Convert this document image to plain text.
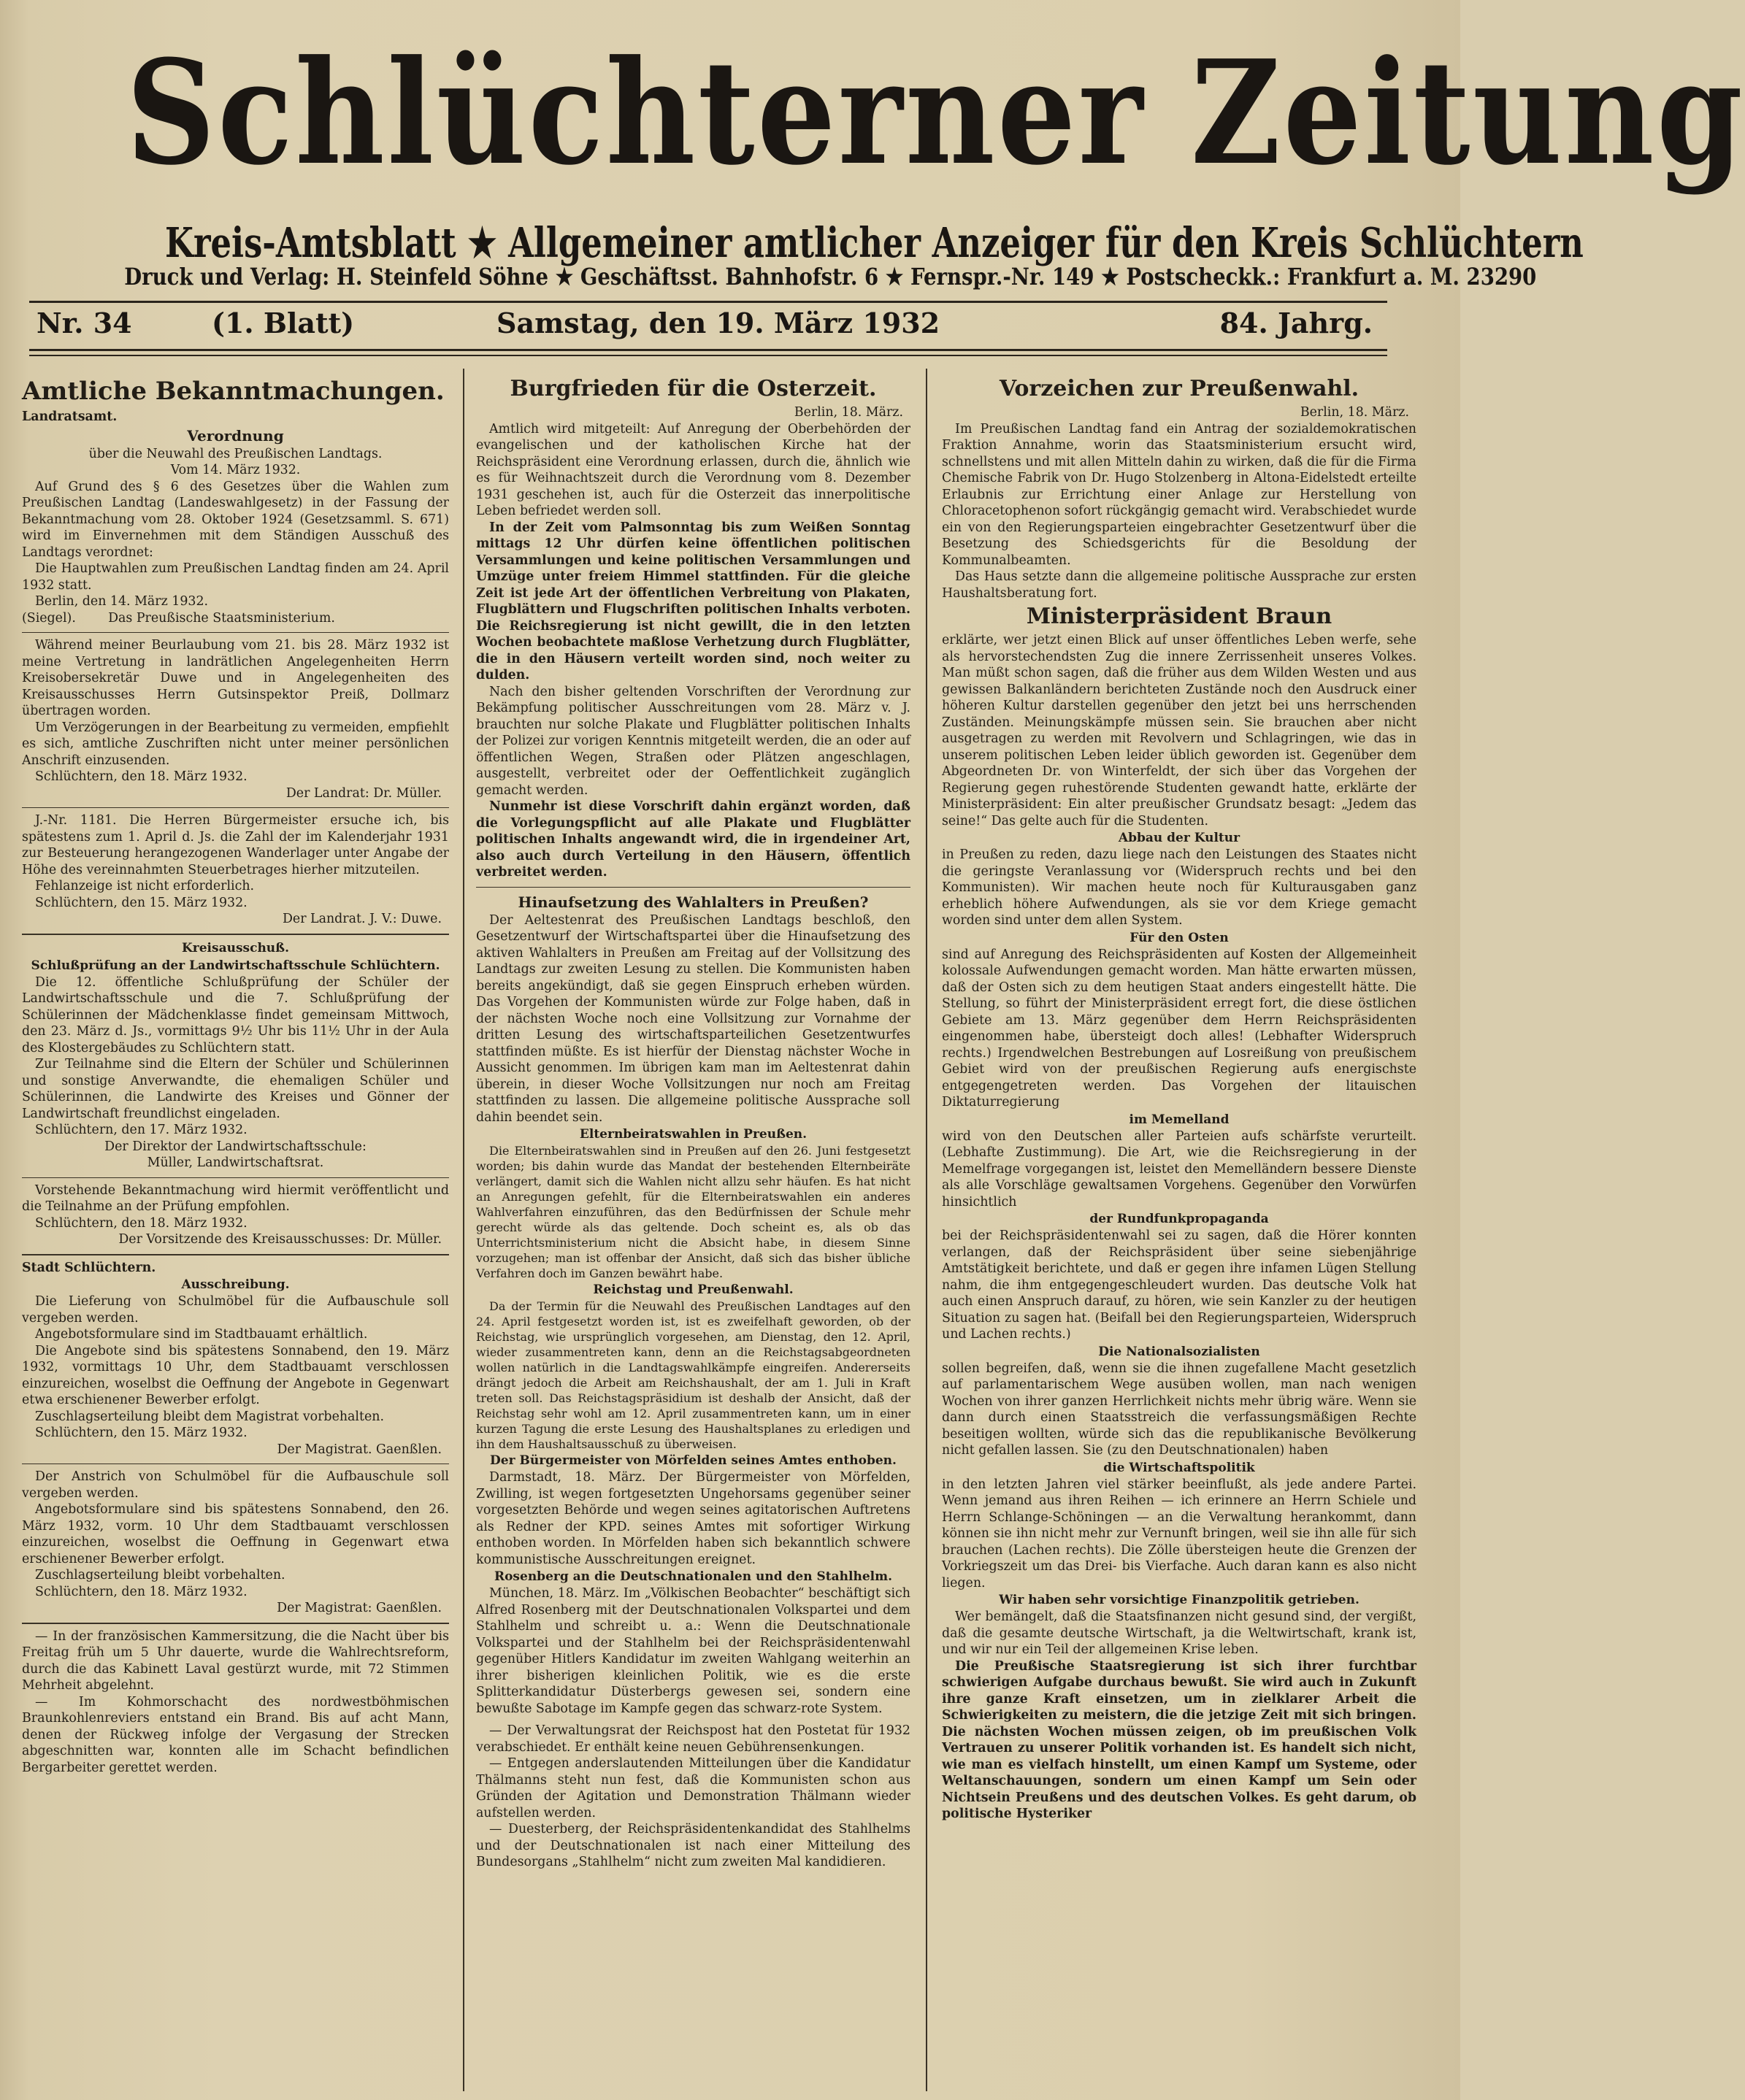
Schlüchterner Zeitung
Kreis-Amtsblatt ★ Allgemeiner amtlicher Anzeiger für den Kreis Schlüchtern
Druck und Verlag: H. Steinfeld Söhne ★ Geschäftsst. Bahnhofstr. 6 ★ Fernspr.-Nr. 149 ★ Postscheckk.: Frankfurt a. M. 23290
Nr. 34	(1. Blatt)	Samstag, den 19. März 1932	84. Jahrg.

Amtliche Bekanntmachungen.

Landratsamt.

Verordnung

über die Neuwahl des Preußischen Landtags.

Vom 14. März 1932.

Auf Grund des § 6 des Gesetzes über die Wahlen zum Preußischen Landtag (Landeswahlgesetz) in der Fassung der Bekanntmachung vom 28. Oktober 1924 (Gesetzsamml. S. 671) wird im Einvernehmen mit dem Ständigen Ausschuß des Landtags verordnet:

Die Hauptwahlen zum Preußischen Landtag finden am 24. April 1932 statt.

Berlin, den 14. März 1932.

(Siegel).        Das Preußische Staatsministerium.

Während meiner Beurlaubung vom 21. bis 28. März 1932 ist meine Vertretung in landrätlichen Angelegenheiten Herrn Kreisobersekretär Duwe und in Angelegenheiten des Kreisausschusses Herrn Gutsinspektor Preiß, Dollmarz übertragen worden.

Um Verzögerungen in der Bearbeitung zu vermeiden, empfiehlt es sich, amtliche Zuschriften nicht unter meiner persönlichen Anschrift einzusenden.

Schlüchtern, den 18. März 1932.

Der Landrat: Dr. Müller.

J.-Nr. 1181. Die Herren Bürgermeister ersuche ich, bis spätestens zum 1. April d. Js. die Zahl der im Kalenderjahr 1931 zur Besteuerung herangezogenen Wanderlager unter Angabe der Höhe des vereinnahmten Steuerbetrages hierher mitzuteilen.

Fehlanzeige ist nicht erforderlich.

Schlüchtern, den 15. März 1932.

Der Landrat. J. V.: Duwe.

Kreisausschuß.

Schlußprüfung an der Landwirtschaftsschule Schlüchtern.

Die 12. öffentliche Schlußprüfung der Schüler der Landwirtschaftsschule und die 7. Schlußprüfung der Schülerinnen der Mädchenklasse findet gemeinsam Mittwoch, den 23. März d. Js., vormittags 9½ Uhr bis 11½ Uhr in der Aula des Klostergebäudes zu Schlüchtern statt.

Zur Teilnahme sind die Eltern der Schüler und Schülerinnen und sonstige Anverwandte, die ehemaligen Schüler und Schülerinnen, die Landwirte des Kreises und Gönner der Landwirtschaft freundlichst eingeladen.

Schlüchtern, den 17. März 1932.

Der Direktor der Landwirtschaftsschule:

Müller, Landwirtschaftsrat.

Vorstehende Bekanntmachung wird hiermit veröffentlicht und die Teilnahme an der Prüfung empfohlen.

Schlüchtern, den 18. März 1932.

Der Vorsitzende des Kreisausschusses: Dr. Müller.

Stadt Schlüchtern.

Ausschreibung.

Die Lieferung von Schulmöbel für die Aufbauschule soll vergeben werden.

Angebotsformulare sind im Stadtbauamt erhältlich.

Die Angebote sind bis spätestens Sonnabend, den 19. März 1932, vormittags 10 Uhr, dem Stadtbauamt verschlossen einzureichen, woselbst die Oeffnung der Angebote in Gegenwart etwa erschienener Bewerber erfolgt.

Zuschlagserteilung bleibt dem Magistrat vorbehalten.

Schlüchtern, den 15. März 1932.

Der Magistrat. Gaenßlen.

Der Anstrich von Schulmöbel für die Aufbauschule soll vergeben werden.

Angebotsformulare sind bis spätestens Sonnabend, den 26. März 1932, vorm. 10 Uhr dem Stadtbauamt verschlossen einzureichen, woselbst die Oeffnung in Gegenwart etwa erschienener Bewerber erfolgt.

Zuschlagserteilung bleibt vorbehalten.

Schlüchtern, den 18. März 1932.

Der Magistrat: Gaenßlen.

— In der französischen Kammersitzung, die die Nacht über bis Freitag früh um 5 Uhr dauerte, wurde die Wahlrechtsreform, durch die das Kabinett Laval gestürzt wurde, mit 72 Stimmen Mehrheit abgelehnt.

— Im Kohmorschacht des nordwestböhmischen Braunkohlenreviers entstand ein Brand. Bis auf acht Mann, denen der Rückweg infolge der Vergasung der Strecken abgeschnitten war, konnten alle im Schacht befindlichen Bergarbeiter gerettet werden.

Burgfrieden für die Osterzeit.

Berlin, 18. März.

Amtlich wird mitgeteilt: Auf Anregung der Oberbehörden der evangelischen und der katholischen Kirche hat der Reichspräsident eine Verordnung erlassen, durch die, ähnlich wie es für Weihnachtszeit durch die Verordnung vom 8. Dezember 1931 geschehen ist, auch für die Osterzeit das innerpolitische Leben befriedet werden soll.

In der Zeit vom Palmsonntag bis zum Weißen Sonntag mittags 12 Uhr dürfen keine öffentlichen politischen Versammlungen und keine politischen Versammlungen und Umzüge unter freiem Himmel stattfinden. Für die gleiche Zeit ist jede Art der öffentlichen Verbreitung von Plakaten, Flugblättern und Flugschriften politischen Inhalts verboten. Die Reichsregierung ist nicht gewillt, die in den letzten Wochen beobachtete maßlose Verhetzung durch Flugblätter, die in den Häusern verteilt worden sind, noch weiter zu dulden.

Nach den bisher geltenden Vorschriften der Verordnung zur Bekämpfung politischer Ausschreitungen vom 28. März v. J. brauchten nur solche Plakate und Flugblätter politischen Inhalts der Polizei zur vorigen Kenntnis mitgeteilt werden, die an oder auf öffentlichen Wegen, Straßen oder Plätzen angeschlagen, ausgestellt, verbreitet oder der Oeffentlichkeit zugänglich gemacht werden.

Nunmehr ist diese Vorschrift dahin ergänzt worden, daß die Vorlegungspflicht auf alle Plakate und Flugblätter politischen Inhalts angewandt wird, die in irgendeiner Art, also auch durch Verteilung in den Häusern, öffentlich verbreitet werden.

Hinaufsetzung des Wahlalters in Preußen?

Der Aeltestenrat des Preußischen Landtags beschloß, den Gesetzentwurf der Wirtschaftspartei über die Hinaufsetzung des aktiven Wahlalters in Preußen am Freitag auf der Vollsitzung des Landtags zur zweiten Lesung zu stellen. Die Kommunisten haben bereits angekündigt, daß sie gegen Einspruch erheben würden. Das Vorgehen der Kommunisten würde zur Folge haben, daß in der nächsten Woche noch eine Vollsitzung zur Vornahme der dritten Lesung des wirtschaftsparteilichen Gesetzentwurfes stattfinden müßte. Es ist hierfür der Dienstag nächster Woche in Aussicht genommen. Im übrigen kam man im Aeltestenrat dahin überein, in dieser Woche Vollsitzungen nur noch am Freitag stattfinden zu lassen. Die allgemeine politische Aussprache soll dahin beendet sein.

Elternbeiratswahlen in Preußen.

Die Elternbeiratswahlen sind in Preußen auf den 26. Juni festgesetzt worden; bis dahin wurde das Mandat der bestehenden Elternbeiräte verlängert, damit sich die Wahlen nicht allzu sehr häufen. Es hat nicht an Anregungen gefehlt, für die Elternbeiratswahlen ein anderes Wahlverfahren einzuführen, das den Bedürfnissen der Schule mehr gerecht würde als das geltende. Doch scheint es, als ob das Unterrichtsministerium nicht die Absicht habe, in diesem Sinne vorzugehen; man ist offenbar der Ansicht, daß sich das bisher übliche Verfahren doch im Ganzen bewährt habe.

Reichstag und Preußenwahl.

Da der Termin für die Neuwahl des Preußischen Landtages auf den 24. April festgesetzt worden ist, ist es zweifelhaft geworden, ob der Reichstag, wie ursprünglich vorgesehen, am Dienstag, den 12. April, wieder zusammentreten kann, denn an die Reichstagsabgeordneten wollen natürlich in die Landtagswahlkämpfe eingreifen. Andererseits drängt jedoch die Arbeit am Reichshaushalt, der am 1. Juli in Kraft treten soll. Das Reichstagspräsidium ist deshalb der Ansicht, daß der Reichstag sehr wohl am 12. April zusammentreten kann, um in einer kurzen Tagung die erste Lesung des Haushaltsplanes zu erledigen und ihn dem Haushaltsausschuß zu überweisen.

Der Bürgermeister von Mörfelden seines Amtes enthoben.

Darmstadt, 18. März. Der Bürgermeister von Mörfelden, Zwilling, ist wegen fortgesetzten Ungehorsams gegenüber seiner vorgesetzten Behörde und wegen seines agitatorischen Auftretens als Redner der KPD. seines Amtes mit sofortiger Wirkung enthoben worden. In Mörfelden haben sich bekanntlich schwere kommunistische Ausschreitungen ereignet.

Rosenberg an die Deutschnationalen und den Stahlhelm.

München, 18. März. Im „Völkischen Beobachter“ beschäftigt sich Alfred Rosenberg mit der Deutschnationalen Volkspartei und dem Stahlhelm und schreibt u. a.: Wenn die Deutschnationale Volkspartei und der Stahlhelm bei der Reichspräsidentenwahl gegenüber Hitlers Kandidatur im zweiten Wahlgang weiterhin an ihrer bisherigen kleinlichen Politik, wie es die erste Splitterkandidatur Düsterbergs gewesen sei, sondern eine bewußte Sabotage im Kampfe gegen das schwarz-rote System.

— Der Verwaltungsrat der Reichspost hat den Postetat für 1932 verabschiedet. Er enthält keine neuen Gebührensenkungen.

— Entgegen anderslautenden Mitteilungen über die Kandidatur Thälmanns steht nun fest, daß die Kommunisten schon aus Gründen der Agitation und Demonstration Thälmann wieder aufstellen werden.

— Duesterberg, der Reichspräsidentenkandidat des Stahlhelms und der Deutschnationalen ist nach einer Mitteilung des Bundesorgans „Stahlhelm“ nicht zum zweiten Mal kandidieren.

Vorzeichen zur Preußenwahl.

Berlin, 18. März.

Im Preußischen Landtag fand ein Antrag der sozialdemokratischen Fraktion Annahme, worin das Staatsministerium ersucht wird, schnellstens und mit allen Mitteln dahin zu wirken, daß die für die Firma Chemische Fabrik von Dr. Hugo Stolzenberg in Altona-Eidelstedt erteilte Erlaubnis zur Errichtung einer Anlage zur Herstellung von Chloracetophenon sofort rückgängig gemacht wird. Verabschiedet wurde ein von den Regierungsparteien eingebrachter Gesetzentwurf über die Besetzung des Schiedsgerichts für die Besoldung der Kommunalbeamten.

Das Haus setzte dann die allgemeine politische Aussprache zur ersten Haushaltsberatung fort.

Ministerpräsident Braun

erklärte, wer jetzt einen Blick auf unser öffentliches Leben werfe, sehe als hervorstechendsten Zug die innere Zerrissenheit unseres Volkes. Man müßt schon sagen, daß die früher aus dem Wilden Westen und aus gewissen Balkanländern berichteten Zustände noch den Ausdruck einer höheren Kultur darstellen gegenüber den jetzt bei uns herrschenden Zuständen. Meinungskämpfe müssen sein. Sie brauchen aber nicht ausgetragen zu werden mit Revolvern und Schlagringen, wie das in unserem politischen Leben leider üblich geworden ist. Gegenüber dem Abgeordneten Dr. von Winterfeldt, der sich über das Vorgehen der Regierung gegen ruhestörende Studenten gewandt hatte, erklärte der Ministerpräsident: Ein alter preußischer Grundsatz besagt: „Jedem das seine!“ Das gelte auch für die Studenten.

Abbau der Kultur

in Preußen zu reden, dazu liege nach den Leistungen des Staates nicht die geringste Veranlassung vor (Widerspruch rechts und bei den Kommunisten). Wir machen heute noch für Kulturausgaben ganz erheblich höhere Aufwendungen, als sie vor dem Kriege gemacht worden sind unter dem allen System.

Für den Osten

sind auf Anregung des Reichspräsidenten auf Kosten der Allgemeinheit kolossale Aufwendungen gemacht worden. Man hätte erwarten müssen, daß der Osten sich zu dem heutigen Staat anders eingestellt hätte. Die Stellung, so führt der Ministerpräsident erregt fort, die diese östlichen Gebiete am 13. März gegenüber dem Herrn Reichspräsidenten eingenommen habe, übersteigt doch alles! (Lebhafter Widerspruch rechts.) Irgendwelchen Bestrebungen auf Losreißung von preußischem Gebiet wird von der preußischen Regierung aufs energischste entgegengetreten werden. Das Vorgehen der litauischen Diktaturregierung

im Memelland

wird von den Deutschen aller Parteien aufs schärfste verurteilt. (Lebhafte Zustimmung). Die Art, wie die Reichsregierung in der Memelfrage vorgegangen ist, leistet den Memelländern bessere Dienste als alle Vorschläge gewaltsamen Vorgehens. Gegenüber den Vorwürfen hinsichtlich

der Rundfunkpropaganda

bei der Reichspräsidentenwahl sei zu sagen, daß die Hörer konnten verlangen, daß der Reichspräsident über seine siebenjährige Amtstätigkeit berichtete, und daß er gegen ihre infamen Lügen Stellung nahm, die ihm entgegengeschleudert wurden. Das deutsche Volk hat auch einen Anspruch darauf, zu hören, wie sein Kanzler zu der heutigen Situation zu sagen hat. (Beifall bei den Regierungsparteien, Widerspruch und Lachen rechts.)

Die Nationalsozialisten

sollen begreifen, daß, wenn sie die ihnen zugefallene Macht gesetzlich auf parlamentarischem Wege ausüben wollen, man nach wenigen Wochen von ihrer ganzen Herrlichkeit nichts mehr übrig wäre. Wenn sie dann durch einen Staatsstreich die verfassungsmäßigen Rechte beseitigen wollten, würde sich das die republikanische Bevölkerung nicht gefallen lassen. Sie (zu den Deutschnationalen) haben

die Wirtschaftspolitik

in den letzten Jahren viel stärker beeinflußt, als jede andere Partei. Wenn jemand aus ihren Reihen — ich erinnere an Herrn Schiele und Herrn Schlange-Schöningen — an die Verwaltung herankommt, dann können sie ihn nicht mehr zur Vernunft bringen, weil sie ihn alle für sich brauchen (Lachen rechts). Die Zölle übersteigen heute die Grenzen der Vorkriegszeit um das Drei- bis Vierfache. Auch daran kann es also nicht liegen.

Wir haben sehr vorsichtige Finanzpolitik getrieben.

Wer bemängelt, daß die Staatsfinanzen nicht gesund sind, der vergißt, daß die gesamte deutsche Wirtschaft, ja die Weltwirtschaft, krank ist, und wir nur ein Teil der allgemeinen Krise leben.

Die Preußische Staatsregierung ist sich ihrer furchtbar schwierigen Aufgabe durchaus bewußt. Sie wird auch in Zukunft ihre ganze Kraft einsetzen, um in zielklarer Arbeit die Schwierigkeiten zu meistern, die die jetzige Zeit mit sich bringen. Die nächsten Wochen müssen zeigen, ob im preußischen Volk Vertrauen zu unserer Politik vorhanden ist. Es handelt sich nicht, wie man es vielfach hinstellt, um einen Kampf um Systeme, oder Weltanschauungen, sondern um einen Kampf um Sein oder Nichtsein Preußens und des deutschen Volkes. Es geht darum, ob politische Hysteriker
